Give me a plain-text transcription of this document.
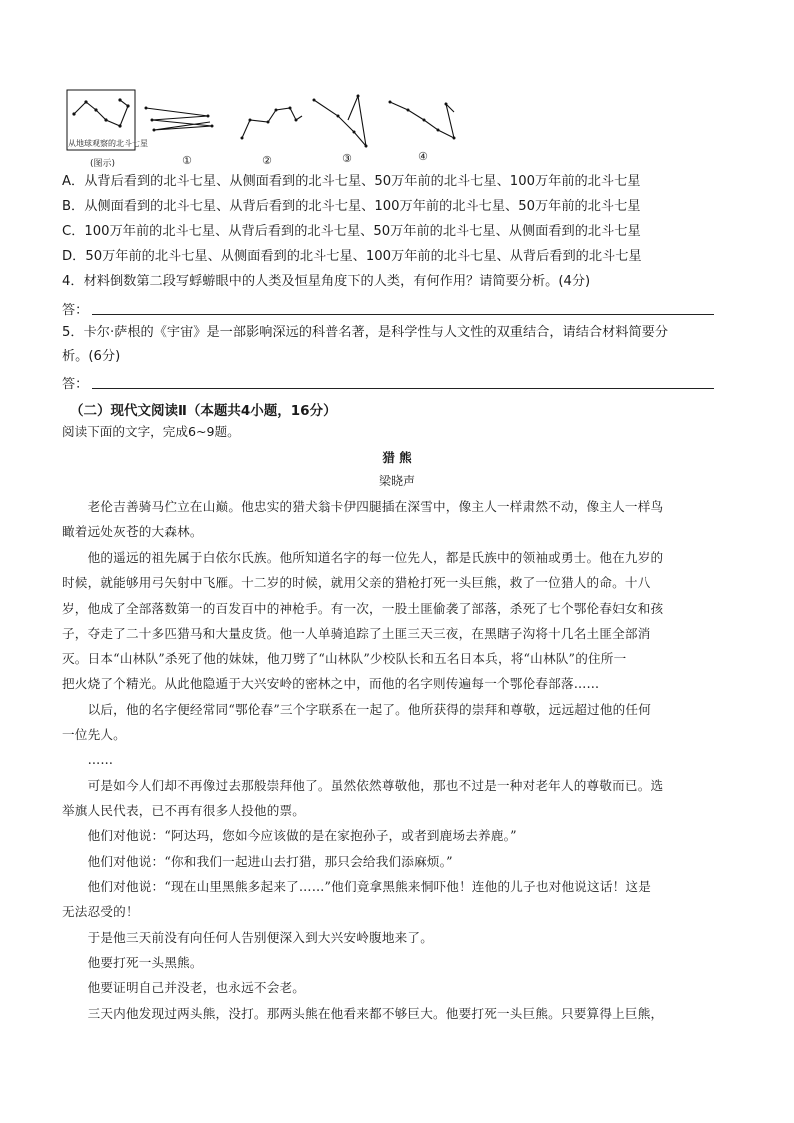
从地球观察的北斗七星
(图示)	①	②	③	④
A．从背后看到的北斗七星、从侧面看到的北斗七星、50万年前的北斗七星、100万年前的北斗七星
B．从侧面看到的北斗七星、从背后看到的北斗七星、100万年前的北斗七星、50万年前的北斗七星
C．100万年前的北斗七星、从背后看到的北斗七星、50万年前的北斗七星、从侧面看到的北斗七星
D．50万年前的北斗七星、从侧面看到的北斗七星、100万年前的北斗七星、从背后看到的北斗七星
4．材料倒数第二段写蜉蝣眼中的人类及恒星角度下的人类，有何作用？请简要分析。(4分)
答：
5．卡尔·萨根的《宇宙》是一部影响深远的科普名著，是科学性与人文性的双重结合，请结合材料简要分
析。(6分)
答：
（二）现代文阅读Ⅱ（本题共4小题，16分）
阅读下面的文字，完成6~9题。
猎 熊
梁晓声
　　老伦吉善骑马伫立在山巅。他忠实的猎犬翁卡伊四腿插在深雪中，像主人一样肃然不动，像主人一样鸟
瞰着远处灰苍的大森林。
　　他的遥远的祖先属于白依尔氏族。他所知道名字的每一位先人，都是氏族中的领袖或勇士。他在九岁的
时候，就能够用弓矢射中飞雁。十二岁的时候，就用父亲的猎枪打死一头巨熊，救了一位猎人的命。十八
岁，他成了全部落数第一的百发百中的神枪手。有一次，一股土匪偷袭了部落，杀死了七个鄂伦春妇女和孩
子，夺走了二十多匹猎马和大量皮货。他一人单骑追踪了土匪三天三夜，在黑瞎子沟将十几名土匪全部消
灭。日本“山林队”杀死了他的妹妹，他刀劈了“山林队”少校队长和五名日本兵，将“山林队”的住所一
把火烧了个精光。从此他隐遁于大兴安岭的密林之中，而他的名字则传遍每一个鄂伦春部落……
　　以后，他的名字便经常同“鄂伦春”三个字联系在一起了。他所获得的崇拜和尊敬，远远超过他的任何
一位先人。
　　……
　　可是如今人们却不再像过去那般崇拜他了。虽然依然尊敬他，那也不过是一种对老年人的尊敬而已。选
举旗人民代表，已不再有很多人投他的票。
　　他们对他说：“阿达玛，您如今应该做的是在家抱孙子，或者到鹿场去养鹿。”
　　他们对他说：“你和我们一起进山去打猎，那只会给我们添麻烦。”
　　他们对他说：“现在山里黑熊多起来了……”他们竟拿黑熊来恫吓他！连他的儿子也对他说这话！这是
无法忍受的！
　　于是他三天前没有向任何人告别便深入到大兴安岭腹地来了。
　　他要打死一头黑熊。
　　他要证明自己并没老，也永远不会老。
　　三天内他发现过两头熊，没打。那两头熊在他看来都不够巨大。他要打死一头巨熊。只要算得上巨熊，
